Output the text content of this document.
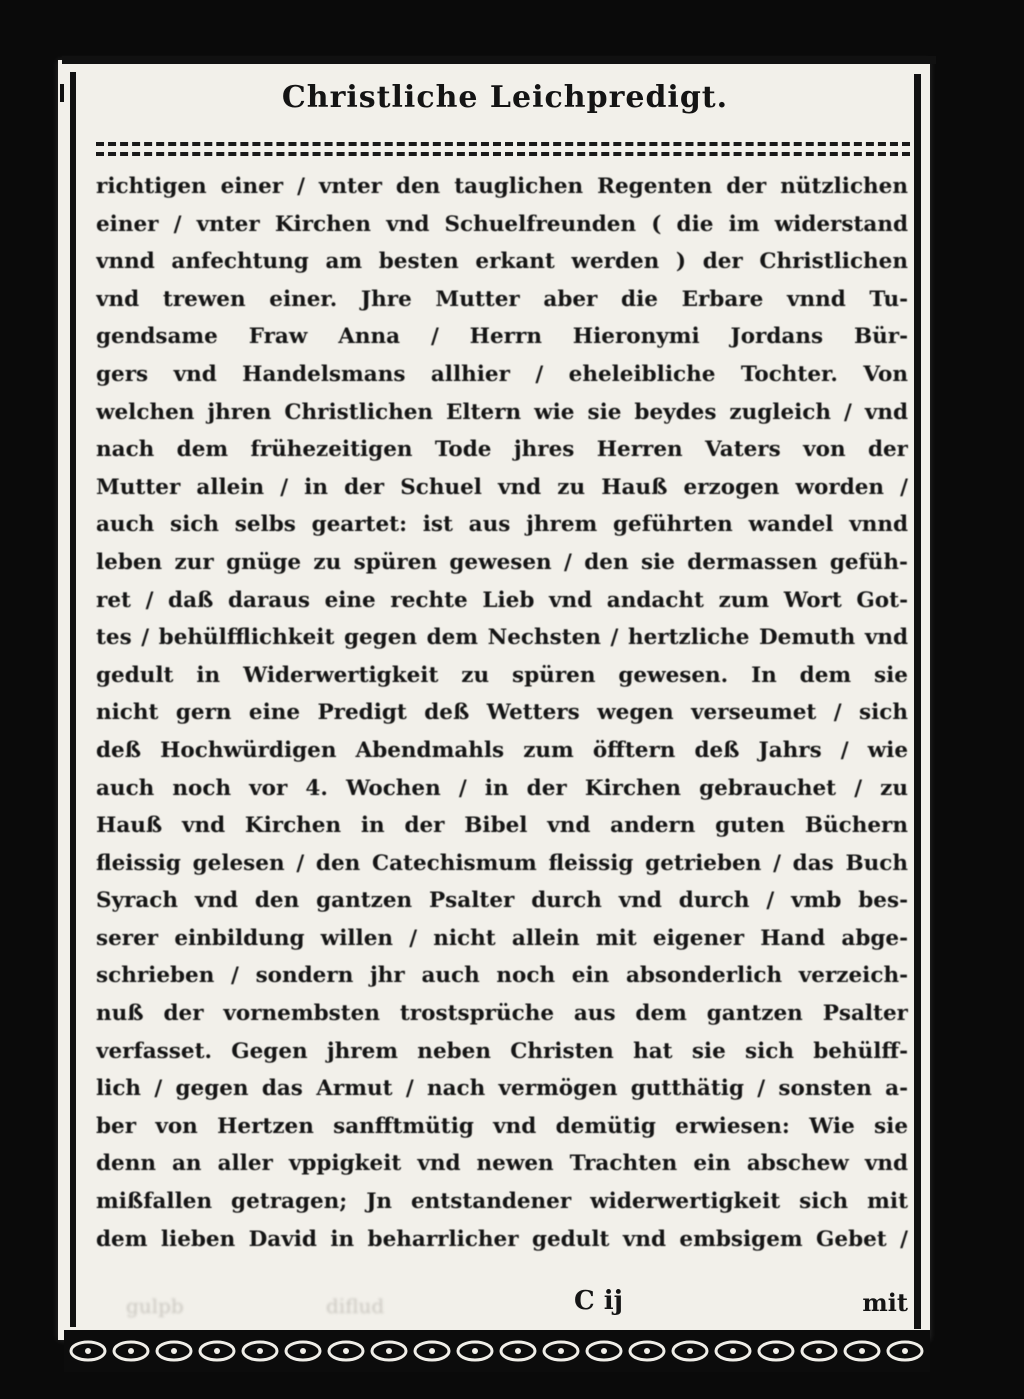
Christliche Leichpredigt.
richtigen einer / vnter den tauglichen Regenten der nützlichen
einer / vnter Kirchen vnd Schuelfreunden ( die im widerstand
vnnd anfechtung am besten erkant werden ) der Christlichen
vnd trewen einer. Jhre Mutter aber die Erbare vnnd Tu-
gendsame Fraw Anna / Herrn Hieronymi Jordans Bür-
gers vnd Handelsmans allhier / eheleibliche Tochter. Von
welchen jhren Christlichen Eltern wie sie beydes zugleich / vnd
nach dem frühezeitigen Tode jhres Herren Vaters von der
Mutter allein / in der Schuel vnd zu Hauß erzogen worden /
auch sich selbs geartet: ist aus jhrem geführten wandel vnnd
leben zur gnüge zu spüren gewesen / den sie dermassen gefüh-
ret / daß daraus eine rechte Lieb vnd andacht zum Wort Got-
tes / behülfflichkeit gegen dem Nechsten / hertzliche Demuth vnd
gedult in Widerwertigkeit zu spüren gewesen. In dem sie
nicht gern eine Predigt deß Wetters wegen verseumet / sich
deß Hochwürdigen Abendmahls zum öfftern deß Jahrs / wie
auch noch vor 4. Wochen / in der Kirchen gebrauchet / zu
Hauß vnd Kirchen in der Bibel vnd andern guten Büchern
fleissig gelesen / den Catechismum fleissig getrieben / das Buch
Syrach vnd den gantzen Psalter durch vnd durch / vmb bes-
serer einbildung willen / nicht allein mit eigener Hand abge-
schrieben / sondern jhr auch noch ein absonderlich verzeich-
nuß der vornembsten trostsprüche aus dem gantzen Psalter
verfasset. Gegen jhrem neben Christen hat sie sich behülff-
lich / gegen das Armut / nach vermögen gutthätig / sonsten a-
ber von Hertzen sanfftmütig vnd demütig erwiesen: Wie sie
denn an aller vppigkeit vnd newen Trachten ein abschew vnd
mißfallen getragen; Jn entstandener widerwertigkeit sich mit
dem lieben David in beharrlicher gedult vnd embsigem Gebet /
gulpb	diflud	C ij	mit
